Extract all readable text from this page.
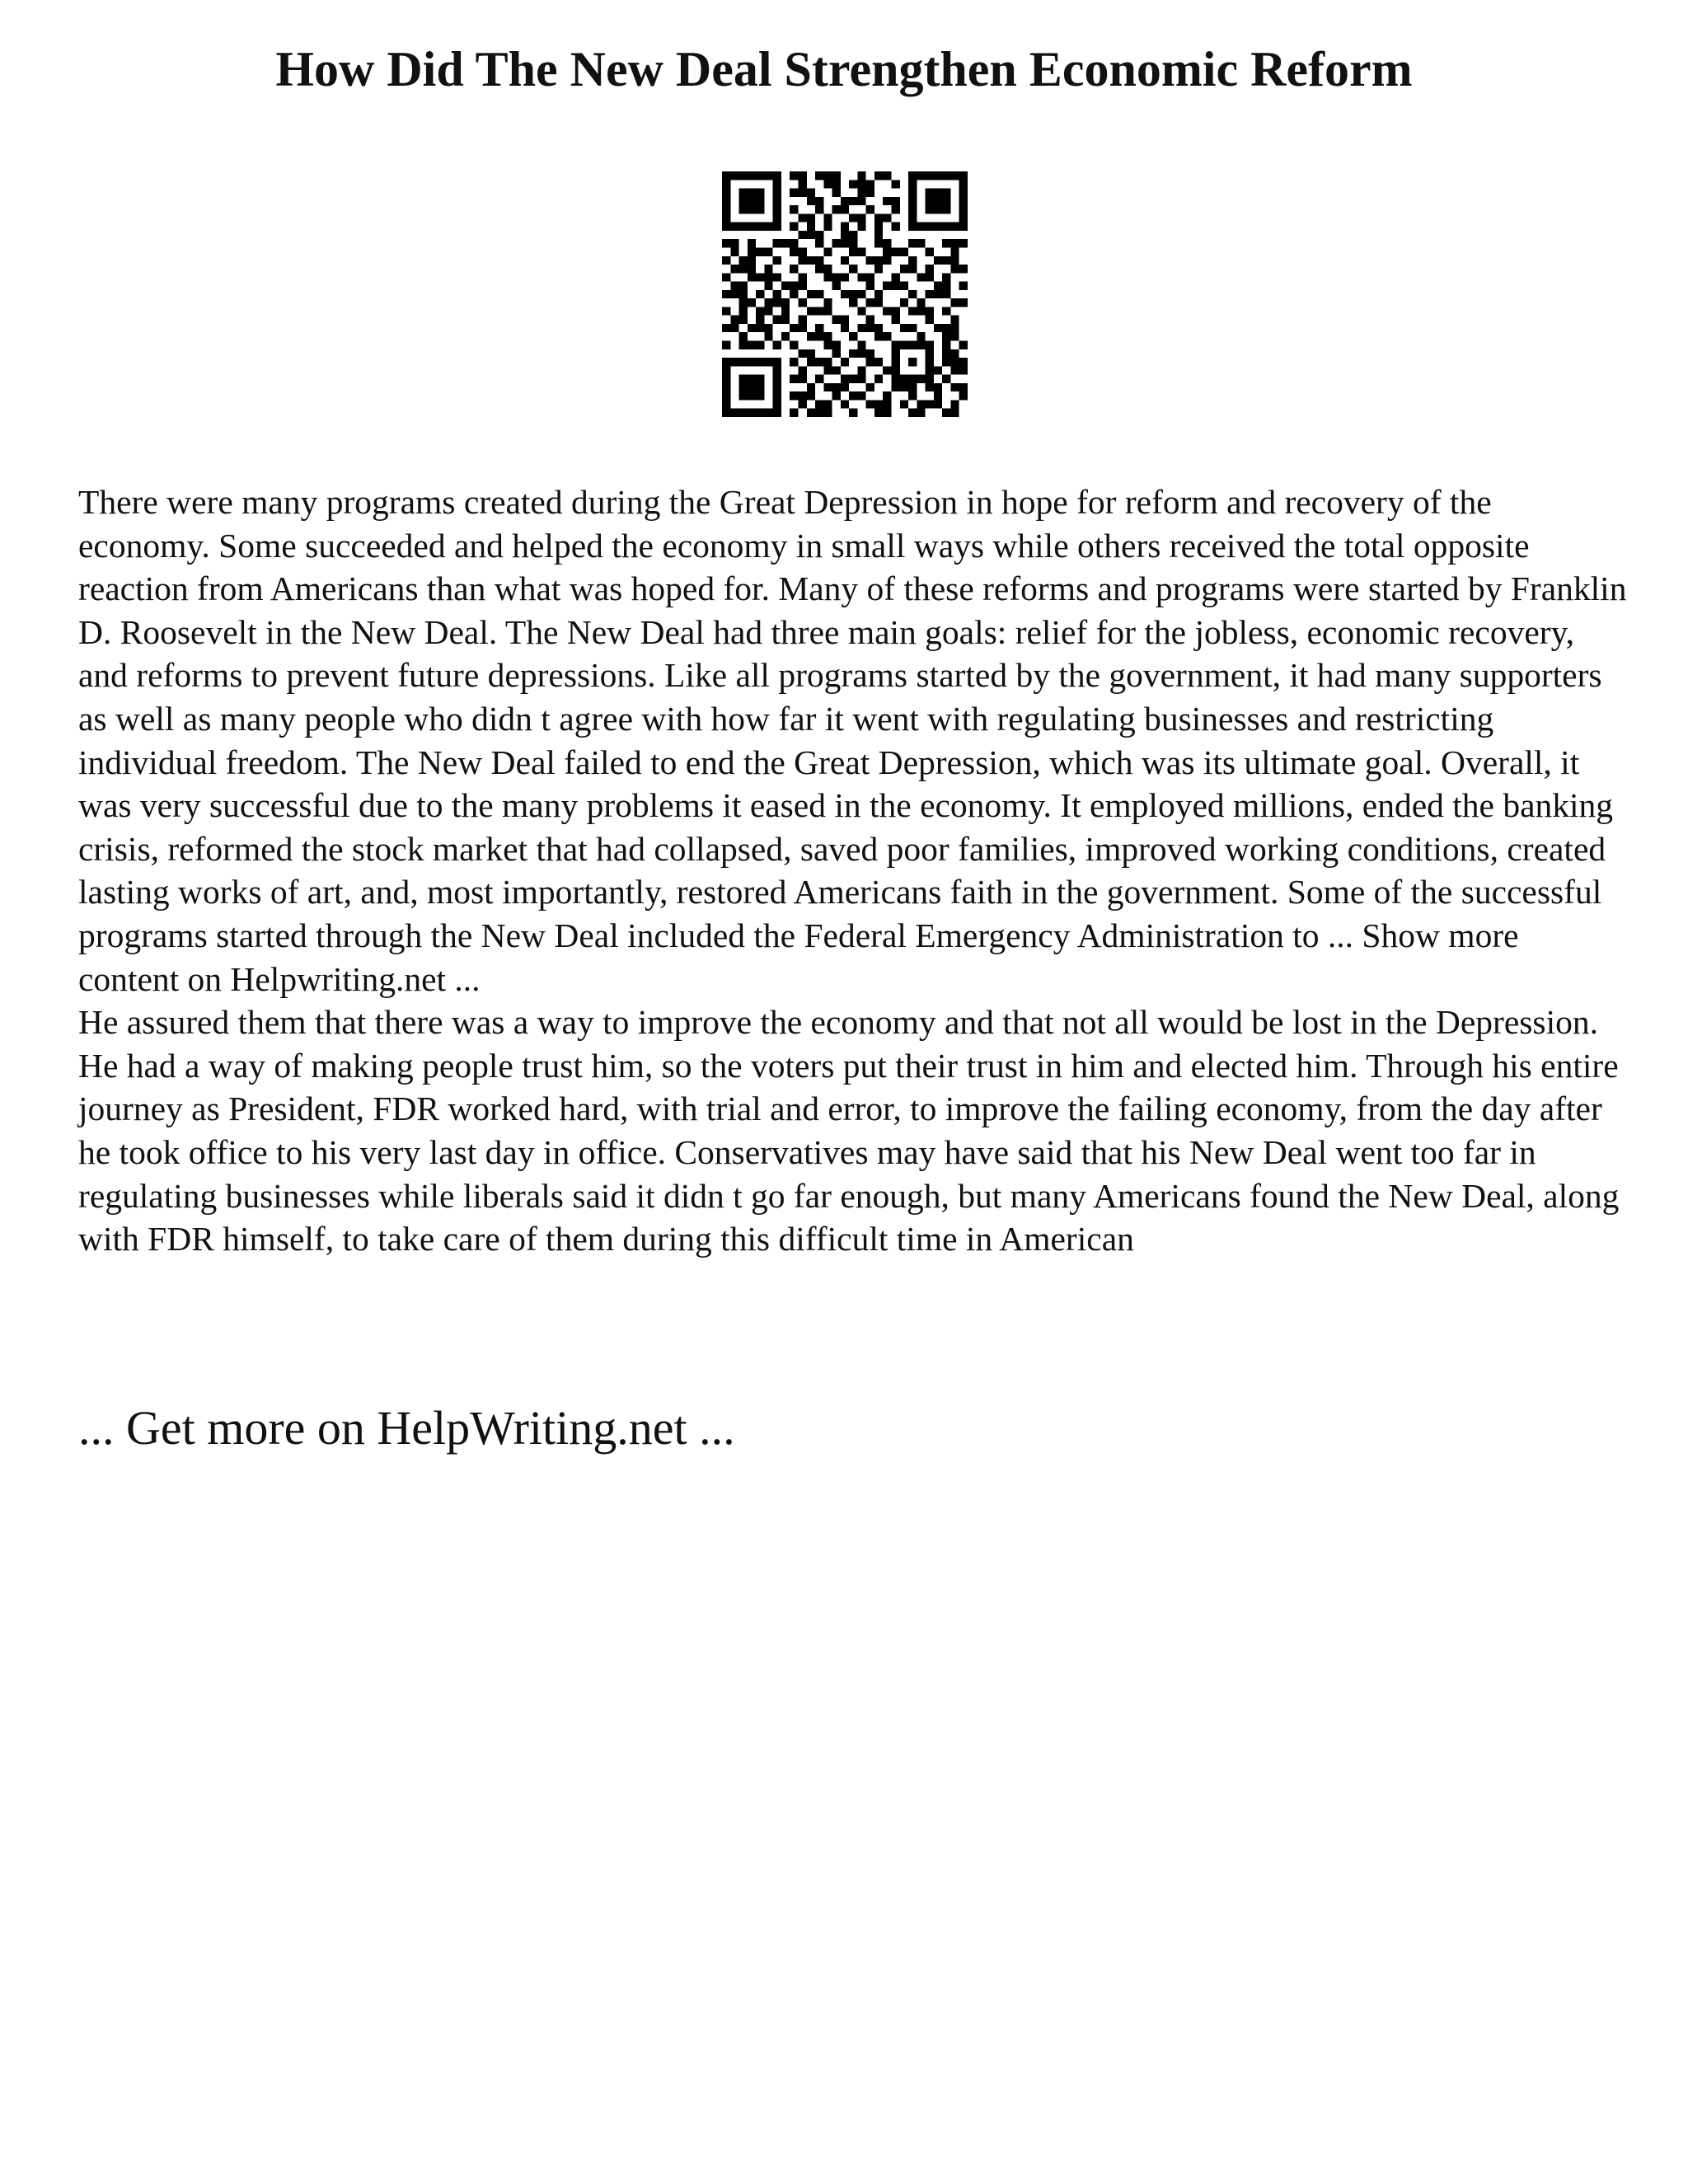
How Did The New Deal Strengthen Economic Reform

There were many programs created during the Great Depression in hope for reform and recovery of the economy. Some succeeded and helped the economy in small ways while others received the total opposite reaction from Americans than what was hoped for. Many of these reforms and programs were started by Franklin D. Roosevelt in the New Deal. The New Deal had three main goals: relief for the jobless, economic recovery, and reforms to prevent future depressions. Like all programs started by the government, it had many supporters as well as many people who didn t agree with how far it went with regulating businesses and restricting individual freedom. The New Deal failed to end the Great Depression, which was its ultimate goal. Overall, it was very successful due to the many problems it eased in the economy. It employed millions, ended the banking crisis, reformed the stock market that had collapsed, saved poor families, improved working conditions, created lasting works of art, and, most importantly, restored Americans faith in the government. Some of the successful programs started through the New Deal included the Federal Emergency Administration to ... Show more content on Helpwriting.net ...

He assured them that there was a way to improve the economy and that not all would be lost in the Depression. He had a way of making people trust him, so the voters put their trust in him and elected him. Through his entire journey as President, FDR worked hard, with trial and error, to improve the failing economy, from the day after he took office to his very last day in office. Conservatives may have said that his New Deal went too far in regulating businesses while liberals said it didn t go far enough, but many Americans found the New Deal, along with FDR himself, to take care of them during this difficult time in American

... Get more on HelpWriting.net ...
